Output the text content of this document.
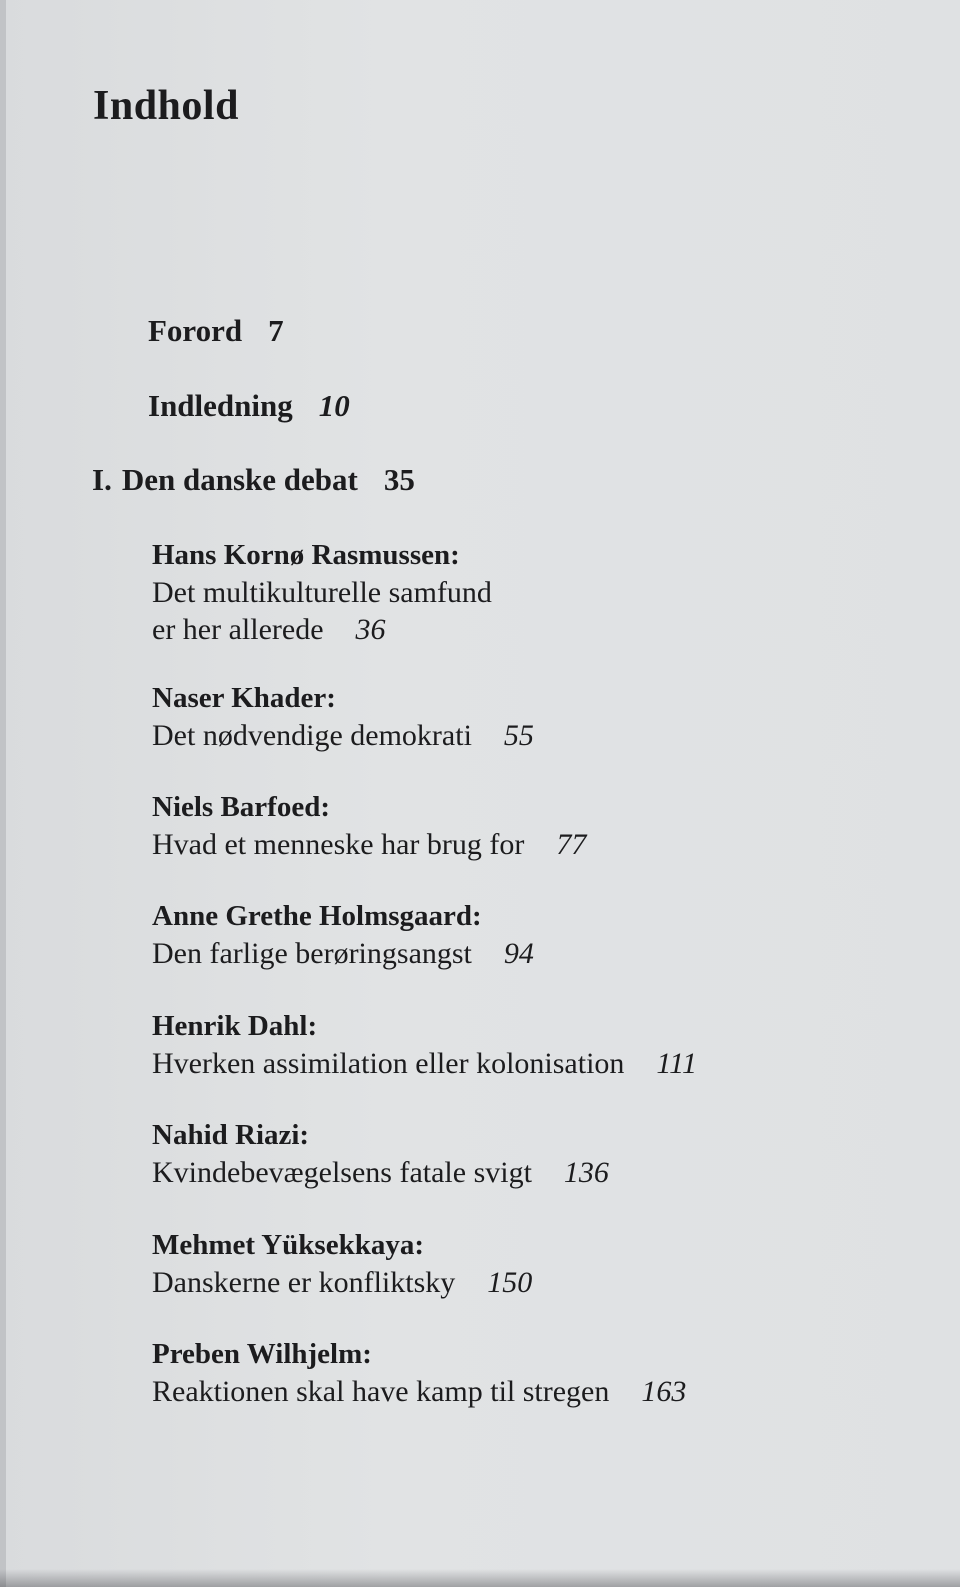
Indhold
Forord 7
Indledning 10
I. Den danske debat 35
Hans Kornø Rasmussen:
Det multikulturelle samfund
er her allerede 36
Naser Khader:
Det nødvendige demokrati 55
Niels Barfoed:
Hvad et menneske har brug for 77
Anne Grethe Holmsgaard:
Den farlige berøringsangst 94
Henrik Dahl:
Hverken assimilation eller kolonisation 111
Nahid Riazi:
Kvindebevægelsens fatale svigt 136
Mehmet Yüksekkaya:
Danskerne er konfliktsky 150
Preben Wilhjelm:
Reaktionen skal have kamp til stregen 163
